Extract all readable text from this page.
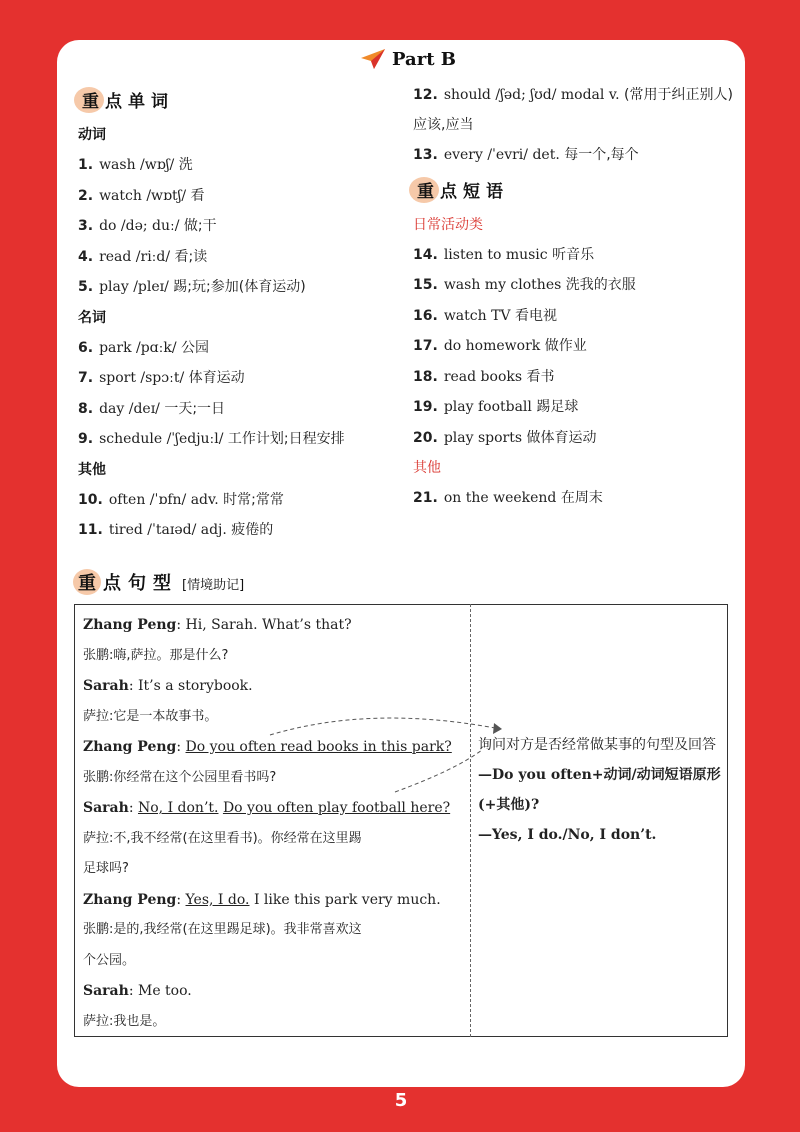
Part B
重点单词
动词
1. wash /wɒʃ/ 洗
2. watch /wɒtʃ/ 看
3. do /də; duː/ 做;干
4. read /riːd/ 看;读
5. play /pleɪ/ 踢;玩;参加(体育运动)
名词
6. park /pɑːk/ 公园
7. sport /spɔːt/ 体育运动
8. day /deɪ/ 一天;一日
9. schedule /ˈʃedjuːl/ 工作计划;日程安排
其他
10. often /ˈɒfn/ adv. 时常;常常
11. tired /ˈtaɪəd/ adj. 疲倦的
12. should /ʃəd; ʃʊd/ modal v. (常用于纠正别人)应该,应当
13. every /ˈevri/ det. 每一个,每个
重点短语
日常活动类
14. listen to music 听音乐
15. wash my clothes 洗我的衣服
16. watch TV 看电视
17. do homework 做作业
18. read books 看书
19. play football 踢足球
20. play sports 做体育运动
其他
21. on the weekend 在周末
重点句型 [情境助记]
Zhang Peng: Hi, Sarah. What’s that?
张鹏:嗨,萨拉。那是什么?
Sarah: It’s a storybook.
萨拉:它是一本故事书。
Zhang Peng: Do you often read books in this park?
张鹏:你经常在这个公园里看书吗?
Sarah: No, I don’t. Do you often play football here?
萨拉:不,我不经常(在这里看书)。你经常在这里踢
足球吗?
Zhang Peng: Yes, I do. I like this park very much.
张鹏:是的,我经常(在这里踢足球)。我非常喜欢这
个公园。
Sarah: Me too.
萨拉:我也是。
询问对方是否经常做某事的句型及回答
—Do you often+动词/动词短语原形(+其他)?
—Yes, I do./No, I don’t.
5
